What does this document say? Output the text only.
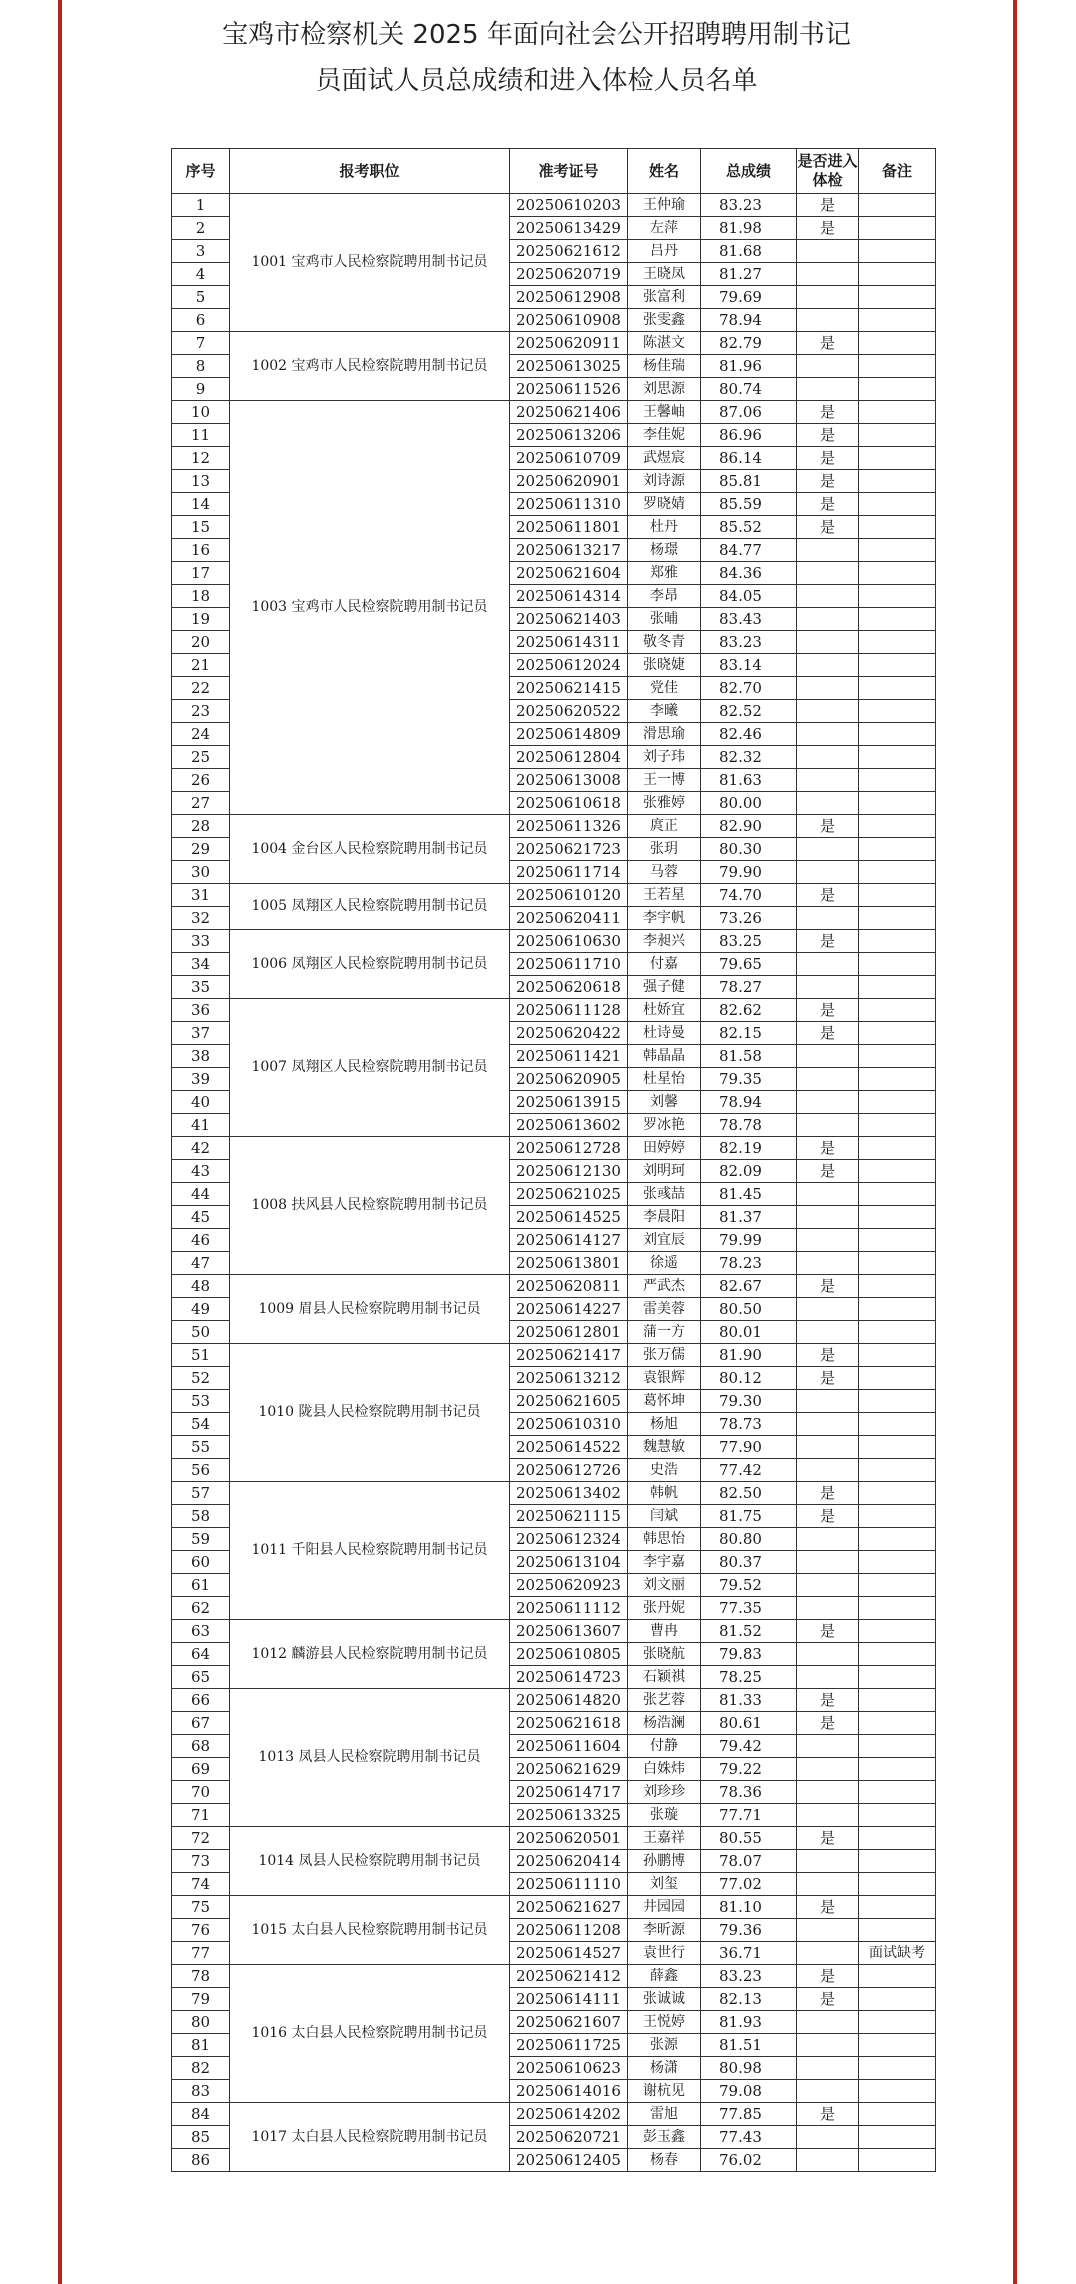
宝鸡市检察机关 2025 年面向社会公开招聘聘用制书记
员面试人员总成绩和进入体检人员名单
序号	报考职位	准考证号	姓名	总成绩	是否进入体检	备注
1	1001 宝鸡市人民检察院聘用制书记员	20250610203	王仲瑜	83.23	是	
2		20250613429	左萍	81.98	是	
3		20250621612	吕丹	81.68		
4		20250620719	王晓凤	81.27		
5		20250612908	张富利	79.69		
6		20250610908	张雯鑫	78.94		
7	1002 宝鸡市人民检察院聘用制书记员	20250620911	陈湛文	82.79	是	
8		20250613025	杨佳瑞	81.96		
9		20250611526	刘思源	80.74		
10	1003 宝鸡市人民检察院聘用制书记员	20250621406	王馨岫	87.06	是	
11		20250613206	李佳妮	86.96	是	
12		20250610709	武煜宸	86.14	是	
13		20250620901	刘诗源	85.81	是	
14		20250611310	罗晓婧	85.59	是	
15		20250611801	杜丹	85.52	是	
16		20250613217	杨璟	84.77		
17		20250621604	郑雅	84.36		
18		20250614314	李昂	84.05		
19		20250621403	张晡	83.43		
20		20250614311	敬冬青	83.23		
21		20250612024	张晓婕	83.14		
22		20250621415	党佳	82.70		
23		20250620522	李曦	82.52		
24		20250614809	滑思瑜	82.46		
25		20250612804	刘子玮	82.32		
26		20250613008	王一博	81.63		
27		20250610618	张雅婷	80.00		
28	1004 金台区人民检察院聘用制书记员	20250611326	庹正	82.90	是	
29		20250621723	张玥	80.30		
30		20250611714	马蓉	79.90		
31	1005 凤翔区人民检察院聘用制书记员	20250610120	王若星	74.70	是	
32		20250620411	李宇帆	73.26		
33	1006 凤翔区人民检察院聘用制书记员	20250610630	李昶兴	83.25	是	
34		20250611710	付嘉	79.65		
35		20250620618	强子健	78.27		
36	1007 凤翔区人民检察院聘用制书记员	20250611128	杜娇宜	82.62	是	
37		20250620422	杜诗曼	82.15	是	
38		20250611421	韩晶晶	81.58		
39		20250620905	杜星怡	79.35		
40		20250613915	刘馨	78.94		
41		20250613602	罗冰艳	78.78		
42	1008 扶风县人民检察院聘用制书记员	20250612728	田婷婷	82.19	是	
43		20250612130	刘明珂	82.09	是	
44		20250621025	张彧喆	81.45		
45		20250614525	李晨阳	81.37		
46		20250614127	刘宜辰	79.99		
47		20250613801	徐遥	78.23		
48	1009 眉县人民检察院聘用制书记员	20250620811	严武杰	82.67	是	
49		20250614227	雷美蓉	80.50		
50		20250612801	蒲一方	80.01		
51	1010 陇县人民检察院聘用制书记员	20250621417	张万儒	81.90	是	
52		20250613212	袁银辉	80.12	是	
53		20250621605	葛怀坤	79.30		
54		20250610310	杨旭	78.73		
55		20250614522	魏慧敏	77.90		
56		20250612726	史浩	77.42		
57	1011 千阳县人民检察院聘用制书记员	20250613402	韩帆	82.50	是	
58		20250621115	闫斌	81.75	是	
59		20250612324	韩思怡	80.80		
60		20250613104	李宇嘉	80.37		
61		20250620923	刘文丽	79.52		
62		20250611112	张丹妮	77.35		
63	1012 麟游县人民检察院聘用制书记员	20250613607	曹冉	81.52	是	
64		20250610805	张晓航	79.83		
65		20250614723	石颖祺	78.25		
66	1013 凤县人民检察院聘用制书记员	20250614820	张艺蓉	81.33	是	
67		20250621618	杨浩澜	80.61	是	
68		20250611604	付静	79.42		
69		20250621629	白姝炜	79.22		
70		20250614717	刘珍珍	78.36		
71		20250613325	张璇	77.71		
72	1014 凤县人民检察院聘用制书记员	20250620501	王嘉祥	80.55	是	
73		20250620414	孙鹏博	78.07		
74		20250611110	刘玺	77.02		
75	1015 太白县人民检察院聘用制书记员	20250621627	井园园	81.10	是	
76		20250611208	李昕源	79.36		
77		20250614527	袁世行	36.71		面试缺考
78	1016 太白县人民检察院聘用制书记员	20250621412	薛鑫	83.23	是	
79		20250614111	张诚诚	82.13	是	
80		20250621607	王悦婷	81.93		
81		20250611725	张源	81.51		
82		20250610623	杨潇	80.98		
83		20250614016	谢杭见	79.08		
84	1017 太白县人民检察院聘用制书记员	20250614202	雷旭	77.85	是	
85		20250620721	彭玉鑫	77.43		
86		20250612405	杨春	76.02		
